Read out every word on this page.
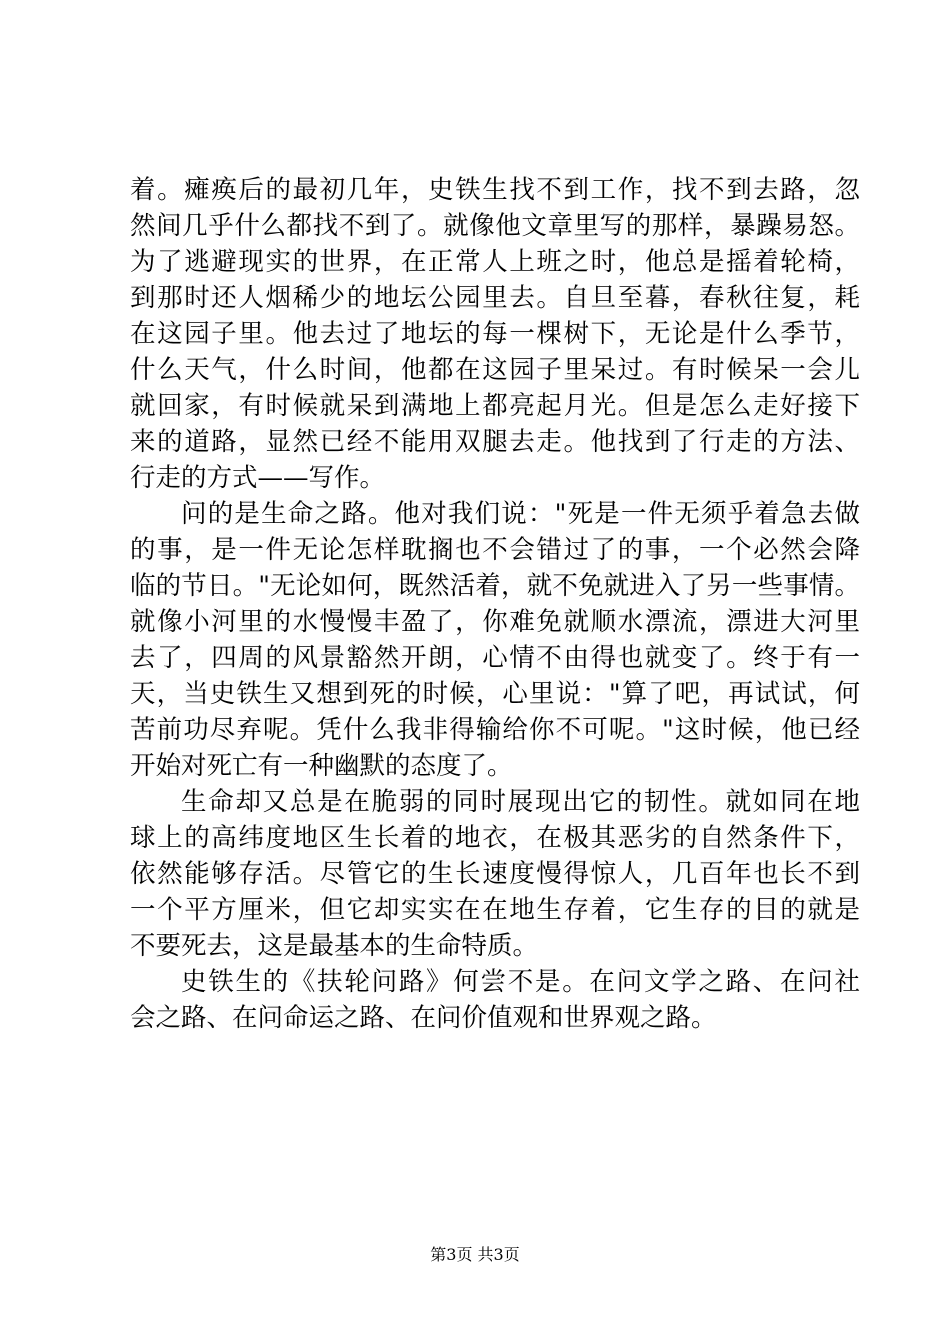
着。瘫痪后的最初几年，史铁生找不到工作，找不到去路，忽
然间几乎什么都找不到了。就像他文章里写的那样，暴躁易怒。
为了逃避现实的世界，在正常人上班之时，他总是摇着轮椅，
到那时还人烟稀少的地坛公园里去。自旦至暮，春秋往复，耗
在这园子里。他去过了地坛的每一棵树下，无论是什么季节，
什么天气，什么时间，他都在这园子里呆过。有时候呆一会儿
就回家，有时候就呆到满地上都亮起月光。但是怎么走好接下
来的道路，显然已经不能用双腿去走。他找到了行走的方法、
行走的方式——写作。
问的是生命之路。他对我们说："死是一件无须乎着急去做
的事，是一件无论怎样耽搁也不会错过了的事，一个必然会降
临的节日。"无论如何，既然活着，就不免就进入了另一些事情。
就像小河里的水慢慢丰盈了，你难免就顺水漂流，漂进大河里
去了，四周的风景豁然开朗，心情不由得也就变了。终于有一
天，当史铁生又想到死的时候，心里说："算了吧，再试试，何
苦前功尽弃呢。凭什么我非得输给你不可呢。"这时候，他已经
开始对死亡有一种幽默的态度了。
生命却又总是在脆弱的同时展现出它的韧性。就如同在地
球上的高纬度地区生长着的地衣，在极其恶劣的自然条件下，
依然能够存活。尽管它的生长速度慢得惊人，几百年也长不到
一个平方厘米，但它却实实在在地生存着，它生存的目的就是
不要死去，这是最基本的生命特质。
史铁生的《扶轮问路》何尝不是。在问文学之路、在问社
会之路、在问命运之路、在问价值观和世界观之路。
第3页 共3页
